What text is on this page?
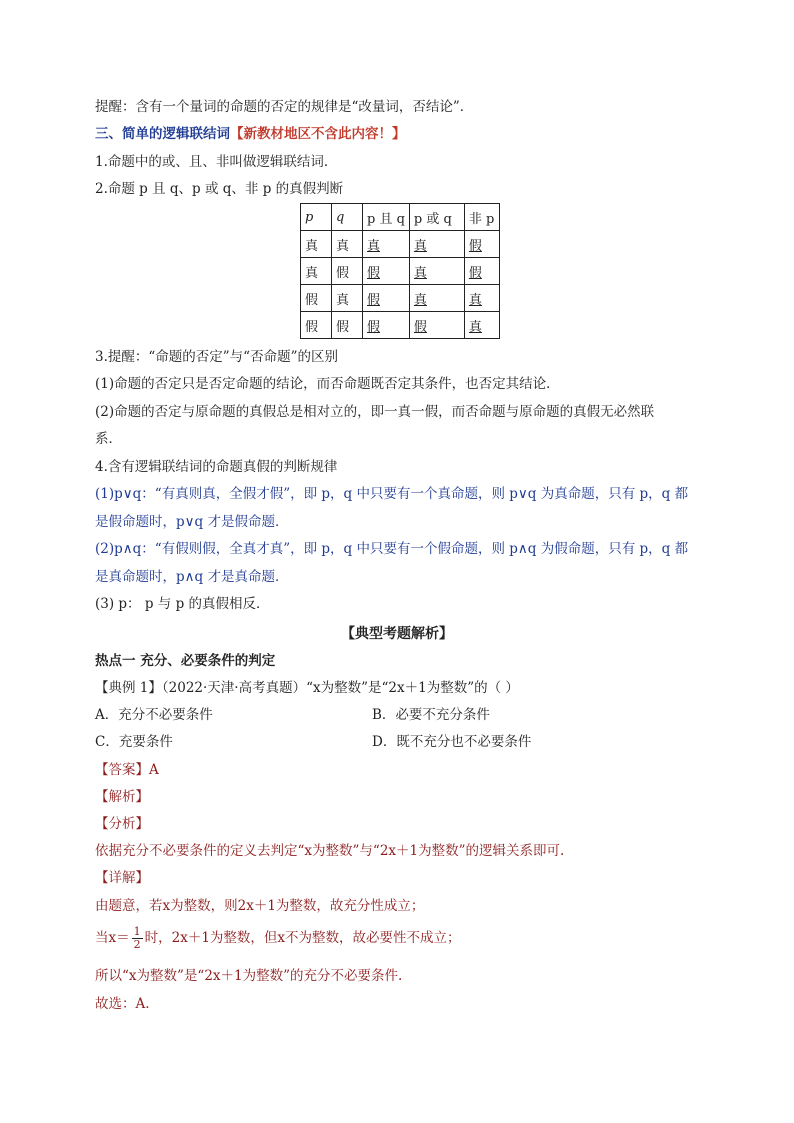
提醒：含有一个量词的命题的否定的规律是“改量词，否结论”．
三、简单的逻辑联结词【新教材地区不含此内容！】
1.命题中的或、且、非叫做逻辑联结词．
2.命题 p 且 q、p 或 q、非 p 的真假判断
p	q	p 且 q	p 或 q	非 p
真	真	真	真	假
真	假	假	真	假
假	真	假	真	真
假	假	假	假	真
3.提醒：“命题的否定”与“否命题”的区别
(1)命题的否定只是否定命题的结论，而否命题既否定其条件，也否定其结论．
(2)命题的否定与原命题的真假总是相对立的，即一真一假，而否命题与原命题的真假无必然联
系．
4.含有逻辑联结词的命题真假的判断规律
(1)p∨q：“有真则真，全假才假”，即 p，q 中只要有一个真命题，则 p∨q 为真命题，只有 p，q 都
是假命题时，p∨q 才是假命题．
(2)p∧q：“有假则假，全真才真”，即 p，q 中只要有一个假命题，则 p∧q 为假命题，只有 p，q 都
是真命题时，p∧q 才是真命题．
(3) p： p 与 p 的真假相反．
【典型考题解析】
热点一 充分、必要条件的判定
【典例 1】（2022·天津·高考真题）“x为整数”是“2x＋1为整数”的（ ）
A．充分不必要条件	B．必要不充分条件
C．充要条件	D．既不充分也不必要条件
【答案】A
【解析】
【分析】
依据充分不必要条件的定义去判定“x为整数”与“2x＋1为整数”的逻辑关系即可.
【详解】
由题意，若x为整数，则2x＋1为整数，故充分性成立；
当$x= \frac{1}{2}$ 时，2x＋1为整数，但x不为整数，故必要性不成立；
所以“x为整数”是“2x＋1为整数”的充分不必要条件.
故选：A.
